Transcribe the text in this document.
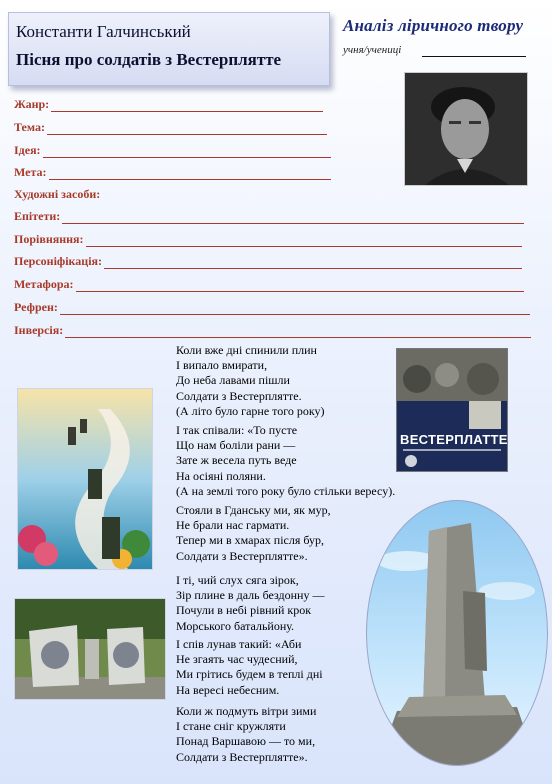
Константи Галчинський
Пісня про солдатів з Вестерплятте
Аналіз ліричного твору
учня/учениці
Жанр:
Тема:
Ідея:
Мета:
Художні засоби:
Епітети:
Порівняння:
Персоніфікація:
Метафора:
Рефрен:
Інверсія:
ВЕСТЕРПЛАТТЕ
Коли вже дні спинили плин
І випало вмирати,
До неба лавами пішли
Солдати з Вестерплятте.
(А літо було гарне того року)
І так співали: «То пусте
Що нам боліли рани —
Зате ж весела путь веде
На осіяні поляни.
(А на землі того року було стільки вересу).
Стояли в Гданську ми, як мур,
Не брали нас гармати.
Тепер ми в хмарах після бур,
Солдати з Вестерплятте».
І ті, чий слух сяга зірок,
Зір плине в даль бездонну —
Почули в небі рівний крок
Морського батальйону.
І спів лунав такий: «Аби
Не згаять час чудесний,
Ми грітись будем в теплі дні
На вересі небесним.
Коли ж подмуть вітри зими
І стане сніг кружляти
Понад Варшавою — то ми,
Солдати з Вестерплятте».
